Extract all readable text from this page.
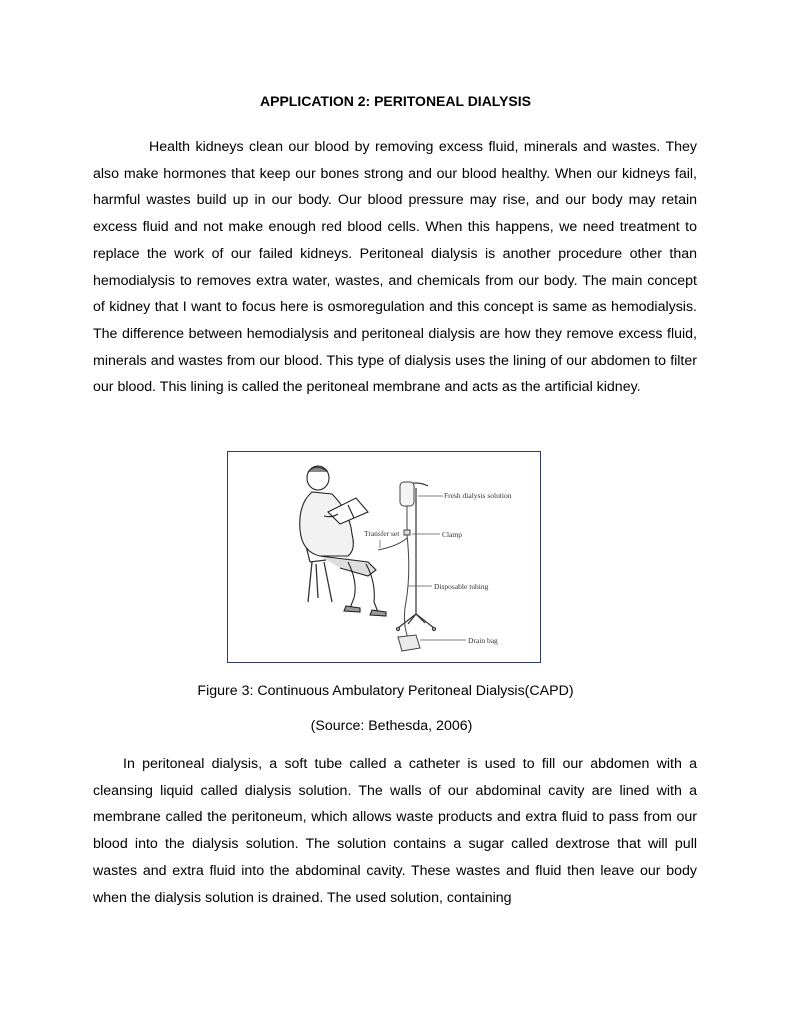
APPLICATION 2: PERITONEAL DIALYSIS

Health kidneys clean our blood by removing excess fluid, minerals and wastes. They also make hormones that keep our bones strong and our blood healthy. When our kidneys fail, harmful wastes build up in our body. Our blood pressure may rise, and our body may retain excess fluid and not make enough red blood cells. When this happens, we need treatment to replace the work of our failed kidneys. Peritoneal dialysis is another procedure other than hemodialysis to removes extra water, wastes, and chemicals from our body. The main concept of kidney that I want to focus here is osmoregulation and this concept is same as hemodialysis. The difference between hemodialysis and peritoneal dialysis are how they remove excess fluid, minerals and wastes from our blood. This type of dialysis uses the lining of our abdomen to filter our blood. This lining is called the peritoneal membrane and acts as the artificial kidney.

Fresh dialysis solution
Transfer set	Clamp
Disposable tubing
Drain bag

Figure 3: Continuous Ambulatory Peritoneal Dialysis(CAPD)

(Source: Bethesda, 2006)

In peritoneal dialysis, a soft tube called a catheter is used to fill our abdomen with a cleansing liquid called dialysis solution. The walls of our abdominal cavity are lined with a membrane called the peritoneum, which allows waste products and extra fluid to pass from our blood into the dialysis solution. The solution contains a sugar called dextrose that will pull wastes and extra fluid into the abdominal cavity. These wastes and fluid then leave our body when the dialysis solution is drained. The used solution, containing
